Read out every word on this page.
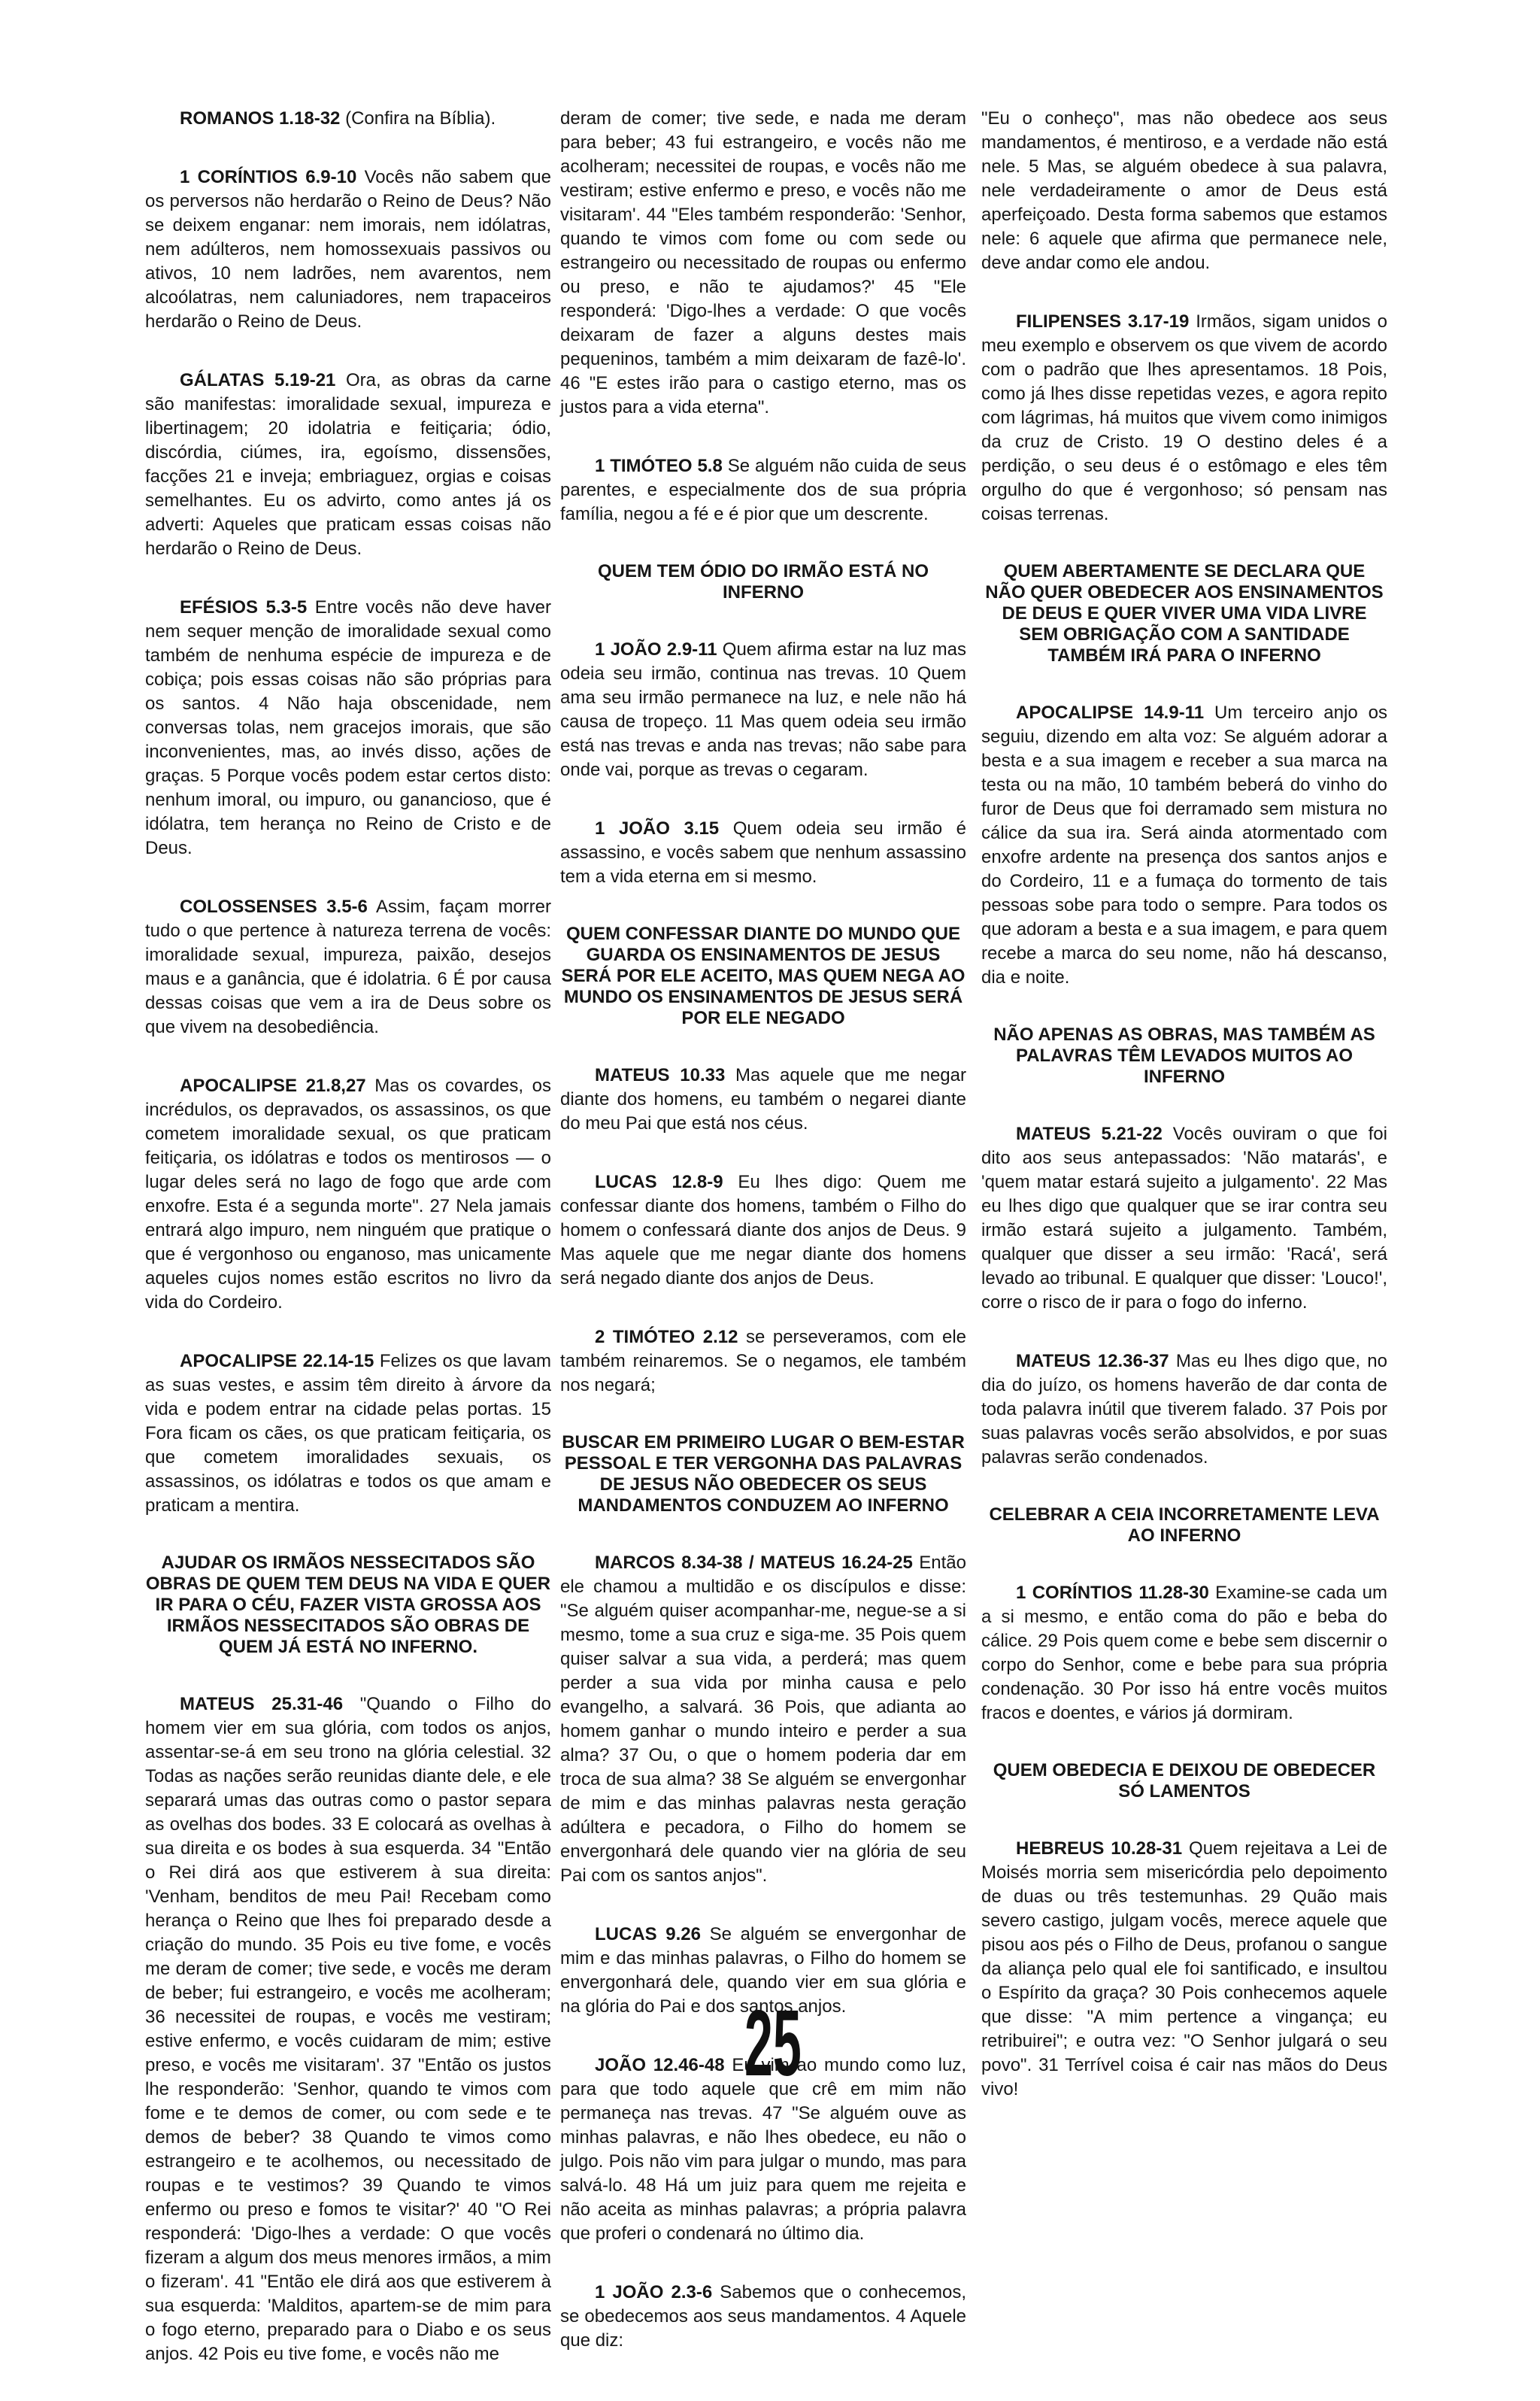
ROMANOS 1.18-32 (Confira na Bíblia).

1 CORÍNTIOS 6.9-10 Vocês não sabem que os perversos não herdarão o Reino de Deus? Não se deixem enganar: nem imorais, nem idólatras, nem adúlteros, nem homossexuais passivos ou ativos, 10 nem ladrões, nem avarentos, nem alcoólatras, nem caluniadores, nem trapaceiros herdarão o Reino de Deus.

GÁLATAS 5.19-21 Ora, as obras da carne são manifestas: imoralidade sexual, impureza e libertinagem; 20 idolatria e feitiçaria; ódio, discórdia, ciúmes, ira, egoísmo, dissensões, facções 21 e inveja; embriaguez, orgias e coisas semelhantes. Eu os advirto, como antes já os adverti: Aqueles que praticam essas coisas não herdarão o Reino de Deus.

EFÉSIOS 5.3-5 Entre vocês não deve haver nem sequer menção de imoralidade sexual como também de nenhuma espécie de impureza e de cobiça; pois essas coisas não são próprias para os santos. 4 Não haja obscenidade, nem conversas tolas, nem gracejos imorais, que são inconvenientes, mas, ao invés disso, ações de graças. 5 Porque vocês podem estar certos disto: nenhum imoral, ou impuro, ou ganancioso, que é idólatra, tem herança no Reino de Cristo e de Deus.

COLOSSENSES 3.5-6 Assim, façam morrer tudo o que pertence à natureza terrena de vocês: imoralidade sexual, impureza, paixão, desejos maus e a ganância, que é idolatria. 6 É por causa dessas coisas que vem a ira de Deus sobre os que vivem na desobediência.

APOCALIPSE 21.8,27 Mas os covardes, os incrédulos, os depravados, os assassinos, os que cometem imoralidade sexual, os que praticam feitiçaria, os idólatras e todos os mentirosos — o lugar deles será no lago de fogo que arde com enxofre. Esta é a segunda morte". 27 Nela jamais entrará algo impuro, nem ninguém que pratique o que é vergonhoso ou enganoso, mas unicamente aqueles cujos nomes estão escritos no livro da vida do Cordeiro.

APOCALIPSE 22.14-15 Felizes os que lavam as suas vestes, e assim têm direito à árvore da vida e podem entrar na cidade pelas portas. 15 Fora ficam os cães, os que praticam feitiçaria, os que cometem imoralidades sexuais, os assassinos, os idólatras e todos os que amam e praticam a mentira.

AJUDAR OS IRMÃOS NESSECITADOS SÃO OBRAS DE QUEM TEM DEUS NA VIDA E QUER IR PARA O CÉU, FAZER VISTA GROSSA AOS IRMÃOS NESSECITADOS SÃO OBRAS DE QUEM JÁ ESTÁ NO INFERNO.

MATEUS 25.31-46 "Quando o Filho do homem vier em sua glória, com todos os anjos, assentar-se-á em seu trono na glória celestial. 32 Todas as nações serão reunidas diante dele, e ele separará umas das outras como o pastor separa as ovelhas dos bodes. 33 E colocará as ovelhas à sua direita e os bodes à sua esquerda. 34 "Então o Rei dirá aos que estiverem à sua direita: 'Venham, benditos de meu Pai! Recebam como herança o Reino que lhes foi preparado desde a criação do mundo. 35 Pois eu tive fome, e vocês me deram de comer; tive sede, e vocês me deram de beber; fui estrangeiro, e vocês me acolheram; 36 necessitei de roupas, e vocês me vestiram; estive enfermo, e vocês cuidaram de mim; estive preso, e vocês me visitaram'. 37 "Então os justos lhe responderão: 'Senhor, quando te vimos com fome e te demos de comer, ou com sede e te demos de beber? 38 Quando te vimos como estrangeiro e te acolhemos, ou necessitado de roupas e te vestimos? 39 Quando te vimos enfermo ou preso e fomos te visitar?' 40 "O Rei responderá: 'Digo-lhes a verdade: O que vocês fizeram a algum dos meus menores irmãos, a mim o fizeram'. 41 "Então ele dirá aos que estiverem à sua esquerda: 'Malditos, apartem-se de mim para o fogo eterno, preparado para o Diabo e os seus anjos. 42 Pois eu tive fome, e vocês não me

deram de comer; tive sede, e nada me deram para beber; 43 fui estrangeiro, e vocês não me acolheram; necessitei de roupas, e vocês não me vestiram; estive enfermo e preso, e vocês não me visitaram'. 44 "Eles também responderão: 'Senhor, quando te vimos com fome ou com sede ou estrangeiro ou necessitado de roupas ou enfermo ou preso, e não te ajudamos?' 45 "Ele responderá: 'Digo-lhes a verdade: O que vocês deixaram de fazer a alguns destes mais pequeninos, também a mim deixaram de fazê-lo'. 46 "E estes irão para o castigo eterno, mas os justos para a vida eterna".

1 TIMÓTEO 5.8 Se alguém não cuida de seus parentes, e especialmente dos de sua própria família, negou a fé e é pior que um descrente.

QUEM TEM ÓDIO DO IRMÃO ESTÁ NO INFERNO

1 JOÃO 2.9-11 Quem afirma estar na luz mas odeia seu irmão, continua nas trevas. 10 Quem ama seu irmão permanece na luz, e nele não há causa de tropeço. 11 Mas quem odeia seu irmão está nas trevas e anda nas trevas; não sabe para onde vai, porque as trevas o cegaram.

1 JOÃO 3.15 Quem odeia seu irmão é assassino, e vocês sabem que nenhum assassino tem a vida eterna em si mesmo.

QUEM CONFESSAR DIANTE DO MUNDO QUE GUARDA OS ENSINAMENTOS DE JESUS SERÁ POR ELE ACEITO, MAS QUEM NEGA AO MUNDO OS ENSINAMENTOS DE JESUS SERÁ POR ELE NEGADO

MATEUS 10.33 Mas aquele que me negar diante dos homens, eu também o negarei diante do meu Pai que está nos céus.

LUCAS 12.8-9 Eu lhes digo: Quem me confessar diante dos homens, também o Filho do homem o confessará diante dos anjos de Deus. 9 Mas aquele que me negar diante dos homens será negado diante dos anjos de Deus.

2 TIMÓTEO 2.12 se perseveramos, com ele também reinaremos. Se o negamos, ele também nos negará;

BUSCAR EM PRIMEIRO LUGAR O BEM-ESTAR PESSOAL E TER VERGONHA DAS PALAVRAS DE JESUS NÃO OBEDECER OS SEUS MANDAMENTOS CONDUZEM AO INFERNO

MARCOS 8.34-38 / MATEUS 16.24-25 Então ele chamou a multidão e os discípulos e disse: "Se alguém quiser acompanhar-me, negue-se a si mesmo, tome a sua cruz e siga-me. 35 Pois quem quiser salvar a sua vida, a perderá; mas quem perder a sua vida por minha causa e pelo evangelho, a salvará. 36 Pois, que adianta ao homem ganhar o mundo inteiro e perder a sua alma? 37 Ou, o que o homem poderia dar em troca de sua alma? 38 Se alguém se envergonhar de mim e das minhas palavras nesta geração adúltera e pecadora, o Filho do homem se envergonhará dele quando vier na glória de seu Pai com os santos anjos".

LUCAS 9.26 Se alguém se envergonhar de mim e das minhas palavras, o Filho do homem se envergonhará dele, quando vier em sua glória e na glória do Pai e dos santos anjos.

JOÃO 12.46-48 Eu vim ao mundo como luz, para que todo aquele que crê em mim não permaneça nas trevas. 47 "Se alguém ouve as minhas palavras, e não lhes obedece, eu não o julgo. Pois não vim para julgar o mundo, mas para salvá-lo. 48 Há um juiz para quem me rejeita e não aceita as minhas palavras; a própria palavra que proferi o condenará no último dia.

1 JOÃO 2.3-6 Sabemos que o conhecemos, se obedecemos aos seus mandamentos. 4 Aquele que diz:

"Eu o conheço", mas não obedece aos seus mandamentos, é mentiroso, e a verdade não está nele. 5 Mas, se alguém obedece à sua palavra, nele verdadeiramente o amor de Deus está aperfeiçoado. Desta forma sabemos que estamos nele: 6 aquele que afirma que permanece nele, deve andar como ele andou.

FILIPENSES 3.17-19 Irmãos, sigam unidos o meu exemplo e observem os que vivem de acordo com o padrão que lhes apresentamos. 18 Pois, como já lhes disse repetidas vezes, e agora repito com lágrimas, há muitos que vivem como inimigos da cruz de Cristo. 19 O destino deles é a perdição, o seu deus é o estômago e eles têm orgulho do que é vergonhoso; só pensam nas coisas terrenas.

QUEM ABERTAMENTE SE DECLARA QUE NÃO QUER OBEDECER AOS ENSINAMENTOS DE DEUS E QUER VIVER UMA VIDA LIVRE SEM OBRIGAÇÃO COM A SANTIDADE TAMBÉM IRÁ PARA O INFERNO

APOCALIPSE 14.9-11 Um terceiro anjo os seguiu, dizendo em alta voz: Se alguém adorar a besta e a sua imagem e receber a sua marca na testa ou na mão, 10 também beberá do vinho do furor de Deus que foi derramado sem mistura no cálice da sua ira. Será ainda atormentado com enxofre ardente na presença dos santos anjos e do Cordeiro, 11 e a fumaça do tormento de tais pessoas sobe para todo o sempre. Para todos os que adoram a besta e a sua imagem, e para quem recebe a marca do seu nome, não há descanso, dia e noite.

NÃO APENAS AS OBRAS, MAS TAMBÉM AS PALAVRAS TÊM LEVADOS MUITOS AO INFERNO

MATEUS 5.21-22 Vocês ouviram o que foi dito aos seus antepassados: 'Não matarás', e 'quem matar estará sujeito a julgamento'. 22 Mas eu lhes digo que qualquer que se irar contra seu irmão estará sujeito a julgamento. Também, qualquer que disser a seu irmão: 'Racá', será levado ao tribunal. E qualquer que disser: 'Louco!', corre o risco de ir para o fogo do inferno.

MATEUS 12.36-37 Mas eu lhes digo que, no dia do juízo, os homens haverão de dar conta de toda palavra inútil que tiverem falado. 37 Pois por suas palavras vocês serão absolvidos, e por suas palavras serão condenados.

CELEBRAR A CEIA INCORRETAMENTE LEVA AO INFERNO

1 CORÍNTIOS 11.28-30 Examine-se cada um a si mesmo, e então coma do pão e beba do cálice. 29 Pois quem come e bebe sem discernir o corpo do Senhor, come e bebe para sua própria condenação. 30 Por isso há entre vocês muitos fracos e doentes, e vários já dormiram.

QUEM OBEDECIA E DEIXOU DE OBEDECER SÓ LAMENTOS

HEBREUS 10.28-31 Quem rejeitava a Lei de Moisés morria sem misericórdia pelo depoimento de duas ou três testemunhas. 29 Quão mais severo castigo, julgam vocês, merece aquele que pisou aos pés o Filho de Deus, profanou o sangue da aliança pelo qual ele foi santificado, e insultou o Espírito da graça? 30 Pois conhecemos aquele que disse: "A mim pertence a vingança; eu retribuirei"; e outra vez: "O Senhor julgará o seu povo". 31 Terrível coisa é cair nas mãos do Deus vivo!

25
